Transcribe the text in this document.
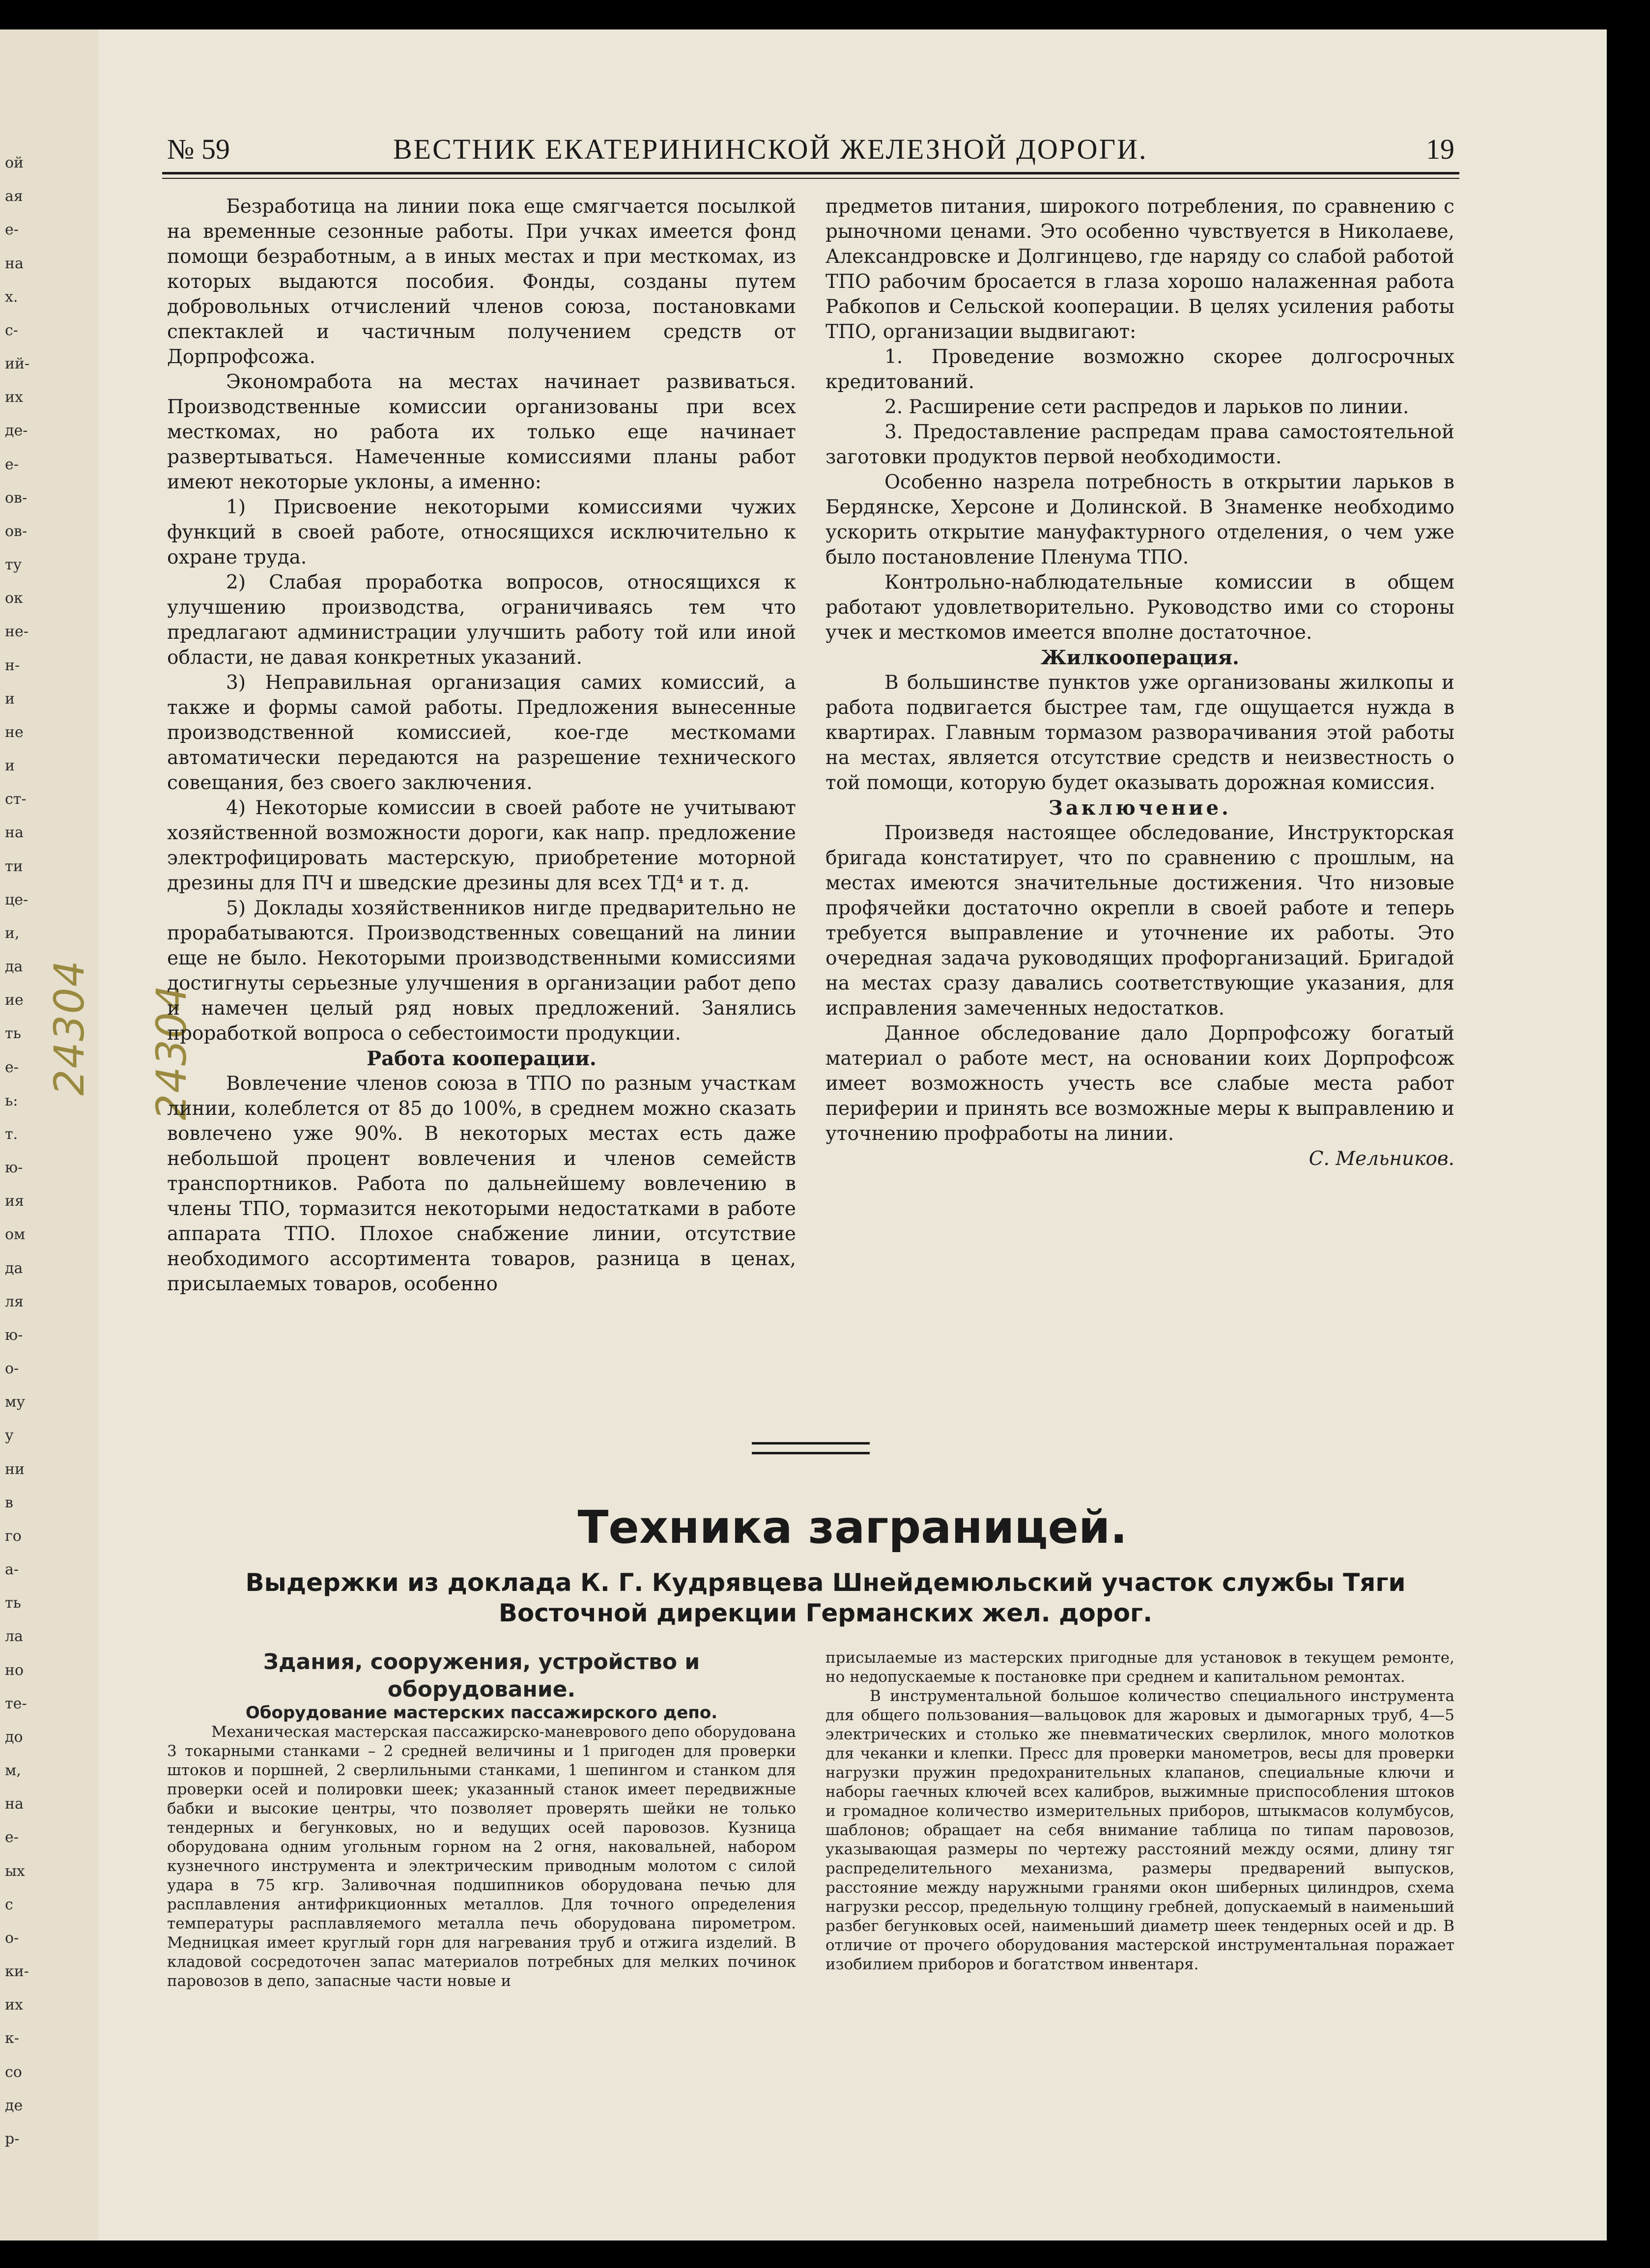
24304 24304
№ 59	ВЕСТНИК ЕКАТЕРИНИНСКОЙ ЖЕЛЕЗНОЙ ДОРОГИ.	19

Безработица на линии пока еще смягчается посылкой на временные сезонные работы. При учках имеется фонд помощи безработным, а в иных местах и при месткомах, из которых выдаются пособия. Фонды, созданы путем добровольных отчислений членов союза, постановками спектаклей и частичным получением средств от Дорпрофсожа.

Экономработа на местах начинает развиваться. Производственные комиссии организованы при всех месткомах, но работа их только еще начинает развертываться. Намеченные комиссиями планы работ имеют некоторые уклоны, а именно:

1) Присвоение некоторыми комиссиями чужих функций в своей работе, относящихся исключительно к охране труда.

2) Слабая проработка вопросов, относящихся к улучшению производства, ограничиваясь тем что предлагают администрации улучшить работу той или иной области, не давая конкретных указаний.

3) Неправильная организация самих комиссий, а также и формы самой работы. Предложения вынесенные производственной комиссией, кое-где месткомами автоматически передаются на разрешение технического совещания, без своего заключения.

4) Некоторые комиссии в своей работе не учитывают хозяйственной возможности дороги, как напр. предложение электрофицировать мастерскую, приобретение моторной дрезины для ПЧ и шведские дрезины для всех ТД⁴ и т. д.

5) Доклады хозяйственников нигде предварительно не прорабатываются. Производственных совещаний на линии еще не было. Некоторыми производственными комиссиями достигнуты серьезные улучшения в организации работ депо и намечен целый ряд новых предложений. Занялись проработкой вопроса о себестоимости продукции.

Работа кооперации.

Вовлечение членов союза в ТПО по разным участкам линии, колеблется от 85 до 100%, в среднем можно сказать вовлечено уже 90%. В некоторых местах есть даже небольшой процент вовлечения и членов семейств транспортников. Работа по дальнейшему вовлечению в члены ТПО, тормазится некоторыми недостатками в работе аппарата ТПО. Плохое снабжение линии, отсутствие необходимого ассортимента товаров, разница в ценах, присылаемых товаров, особенно

предметов питания, широкого потребления, по сравнению с рыночноми ценами. Это особенно чувствуется в Николаеве, Александровске и Долгинцево, где наряду со слабой работой ТПО рабочим бросается в глаза хорошо налаженная работа Рабкопов и Сельской кооперации. В целях усиления работы ТПО, организации выдвигают:

1. Проведение возможно скорее долгосрочных кредитований.

2. Расширение сети распредов и ларьков по линии.

3. Предоставление распредам права самостоятельной заготовки продуктов первой необходимости.

Особенно назрела потребность в открытии ларьков в Бердянске, Херсоне и Долинской. В Знаменке необходимо ускорить открытие мануфактурного отделения, о чем уже было постановление Пленума ТПО.

Контрольно-наблюдательные комиссии в общем работают удовлетворительно. Руководство ими со стороны учек и месткомов имеется вполне достаточное.

Жилкооперация.

В большинстве пунктов уже организованы жилкопы и работа подвигается быстрее там, где ощущается нужда в квартирах. Главным тормазом разворачивания этой работы на местах, является отсутствие средств и неизвестность о той помощи, которую будет оказывать дорожная комиссия.

Заключение.

Произведя настоящее обследование, Инструкторская бригада констатирует, что по сравнению с прошлым, на местах имеются значительные достижения. Что низовые профячейки достаточно окрепли в своей работе и теперь требуется выправление и уточнение их работы. Это очередная задача руководящих профорганизаций. Бригадой на местах сразу давались соответствующие указания, для исправления замеченных недостатков.

Данное обследование дало Дорпрофсожу богатый материал о работе мест, на основании коих Дорпрофсож имеет возможность учесть все слабые места работ периферии и принять все возможные меры к выправлению и уточнению профработы на линии.

С. Мельников.

Техника заграницей.
Выдержки из доклада К. Г. Кудрявцева Шнейдемюльский участок службы Тяги Восточной дирекции Германских жел. дорог.

Здания, сооружения, устройство и оборудование.

Оборудование мастерских пассажирского депо.

Механическая мастерская пассажирско-маневрового депо оборудована 3 токарными станками – 2 средней величины и 1 пригоден для проверки штоков и поршней, 2 сверлильными станками, 1 шепингом и станком для проверки осей и полировки шеек; указанный станок имеет передвижные бабки и высокие центры, что позволяет проверять шейки не только тендерных и бегунковых, но и ведущих осей паровозов. Кузница оборудована одним угольным горном на 2 огня, наковальней, набором кузнечного инструмента и электрическим приводным молотом с силой удара в 75 кгр. Заливочная подшипников оборудована печью для расплавления антифрикционных металлов. Для точного определения температуры расплавляемого металла печь оборудована пирометром. Медницкая имеет круглый горн для нагревания труб и отжига изделий. В кладовой сосредоточен запас материалов потребных для мелких починок паровозов в депо, запасные части новые и

присылаемые из мастерских пригодные для установок в текущем ремонте, но недопускаемые к постановке при среднем и капитальном ремонтах.

В инструментальной большое количество специального инструмента для общего пользования—вальцовок для жаровых и дымогарных труб, 4—5 электрических и столько же пневматических сверлилок, много молотков для чеканки и клепки. Пресс для проверки манометров, весы для проверки нагрузки пружин предохранительных клапанов, специальные ключи и наборы гаечных ключей всех калибров, выжимные приспособления штоков и громадное количество измерительных приборов, штыкмасов колумбусов, шаблонов; обращает на себя внимание таблица по типам паровозов, указывающая размеры по чертежу расстояний между осями, длину тяг распределительного механизма, размеры предварений выпусков, расстояние между наружными гранями окон шиберных цилиндров, схема нагрузки рессор, предельную толщину гребней, допускаемый в наименьший разбег бегунковых осей, наименьший диаметр шеек тендерных осей и др. В отличие от прочего оборудования мастерской инструментальная поражает изобилием приборов и богатством инвентаря.

ой
ая
е-
на
х.
с-
ий-
их
де-
е-
ов-
ов-
ту
ок
не-
н-
и
не
и
ст-
на
ти
це-
и,
да
ие
ть
е-
ь:
т.
ю-
ия
ом
да
ля
ю-
о-
му
у
ни
в
го
а-
ть
ла
но
те-
до
м,
на
е-
ых
с
о-
ки-
их
к-
со
де
р-
